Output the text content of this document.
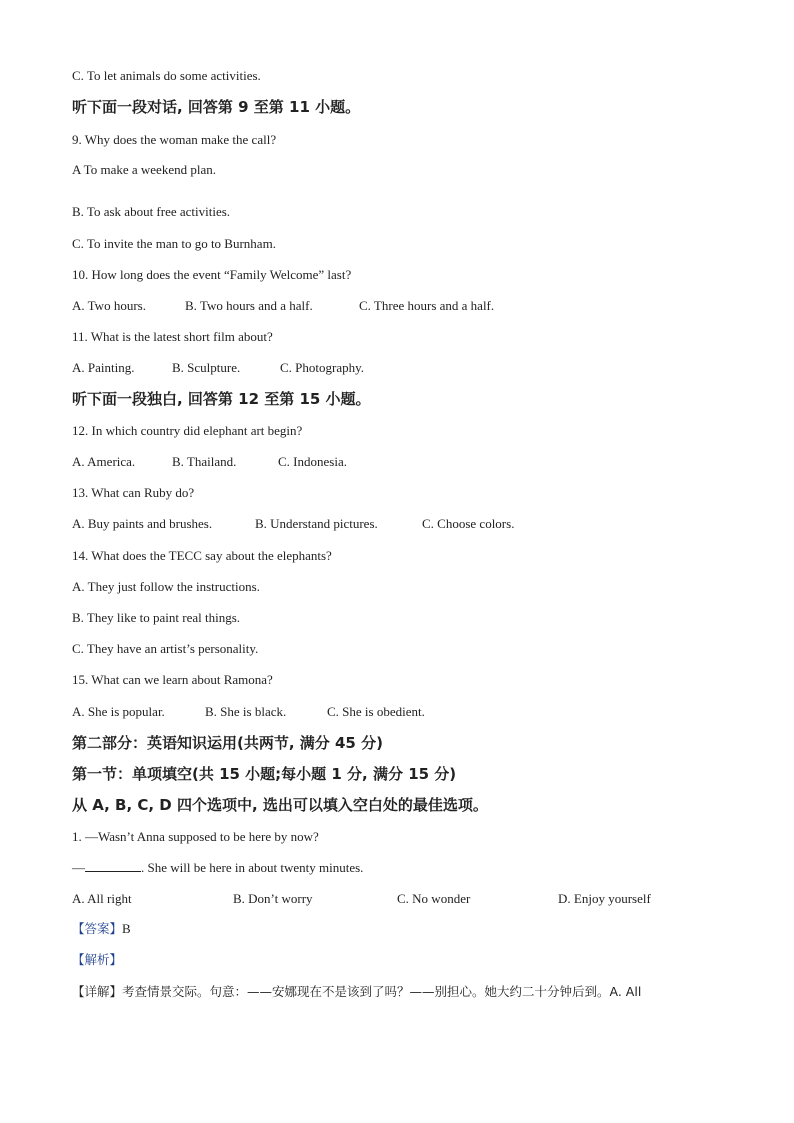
C. To let animals do some activities.
听下面一段对话, 回答第 9 至第 11 小题。
9. Why does the woman make the call?
A To make a weekend plan.
B. To ask about free activities.
C. To invite the man to go to Burnham.
10. How long does the event “Family Welcome” last?
A. Two hours.	B. Two hours and a half.	C. Three hours and a half.
11. What is the latest short film about?
A. Painting.	B. Sculpture.	C. Photography.
听下面一段独白, 回答第 12 至第 15 小题。
12. In which country did elephant art begin?
A. America.	B. Thailand.	C. Indonesia.
13. What can Ruby do?
A. Buy paints and brushes.	B. Understand pictures.	C. Choose colors.
14. What does the TECC say about the elephants?
A. They just follow the instructions.
B. They like to paint real things.
C. They have an artist’s personality.
15. What can we learn about Ramona?
A. She is popular.	B. She is black.	C. She is obedient.
第二部分：英语知识运用(共两节, 满分 45 分)
第一节：单项填空(共 15 小题;每小题 1 分, 满分 15 分)
从 A, B, C, D 四个选项中, 选出可以填入空白处的最佳选项。
1. —Wasn’t Anna supposed to be here by now?
—	. She will be here in about twenty minutes.
A. All right	B. Don’t worry	C. No wonder	D. Enjoy yourself
【答案】B
【解析】
【详解】考查情景交际。句意：——安娜现在不是该到了吗？——别担心。她大约二十分钟后到。A. All
